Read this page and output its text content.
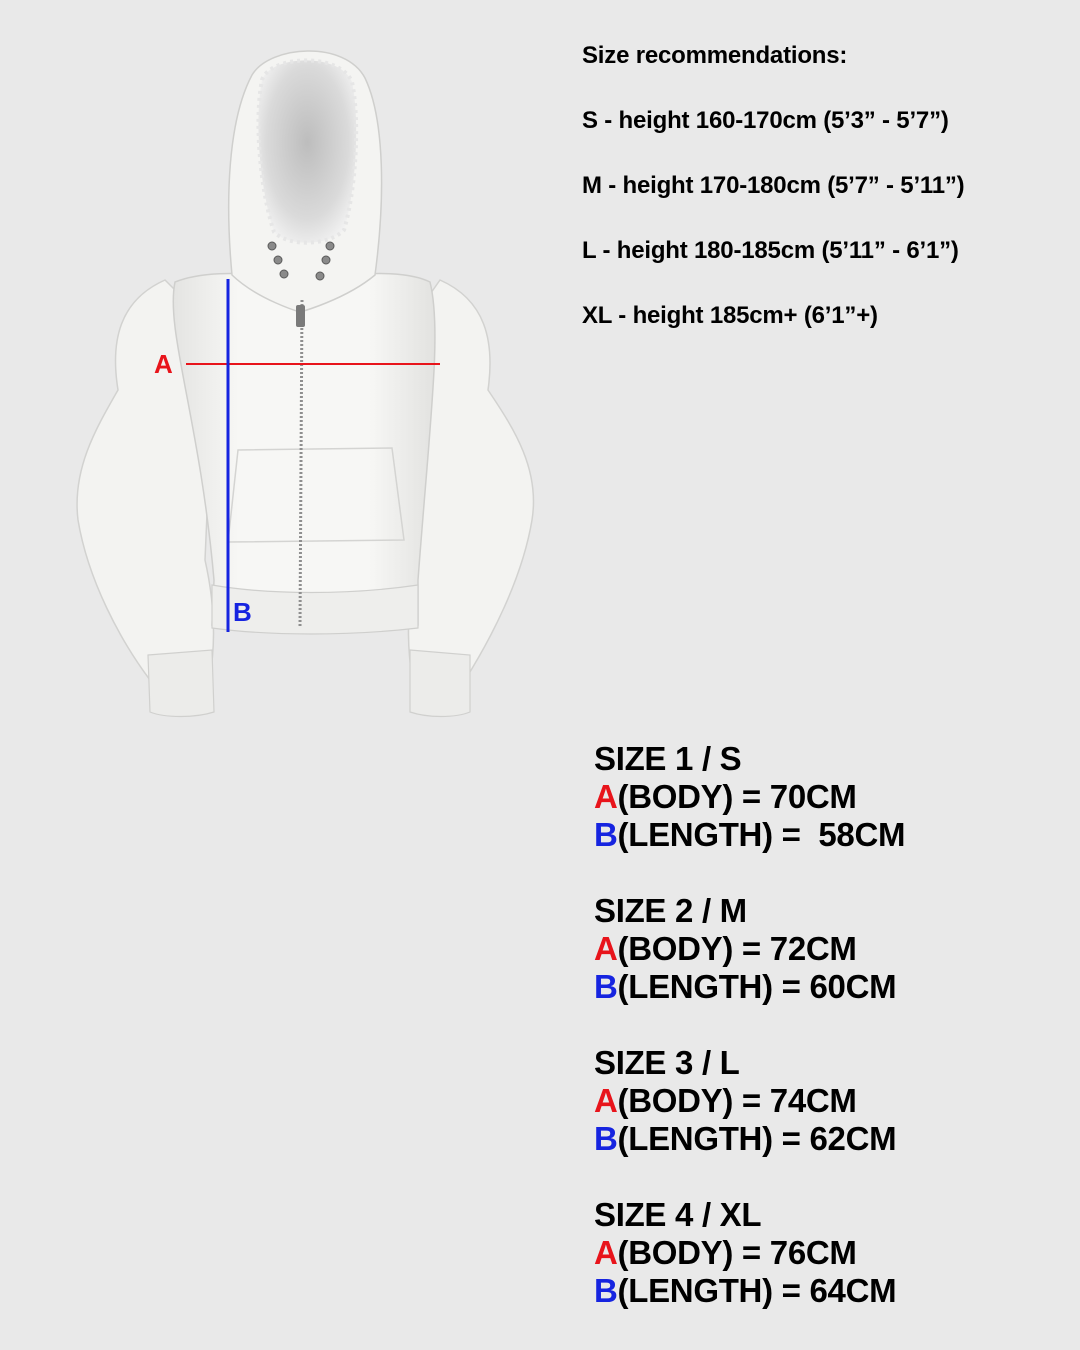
A
B
Size recommendations:
S - height 160-170cm (5’3” - 5’7”)
M - height 170-180cm (5’7” - 5’11”)
L - height 180-185cm (5’11” - 6’1”)
XL - height 185cm+ (6’1”+)
SIZE 1 / S
A(BODY) = 70CM
B(LENGTH) =  58CM
SIZE 2 / M
A(BODY) = 72CM
B(LENGTH) = 60CM
SIZE 3 / L
A(BODY) = 74CM
B(LENGTH) = 62CM
SIZE 4 / XL
A(BODY) = 76CM
B(LENGTH) = 64CM
